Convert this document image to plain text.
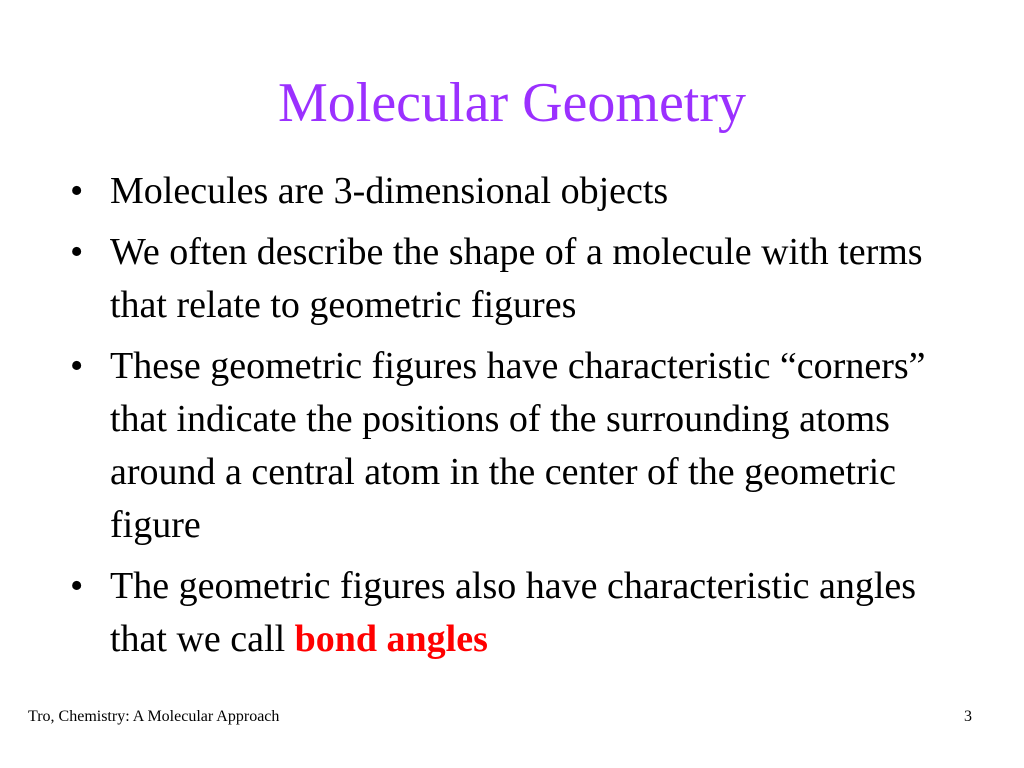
Molecular Geometry
• Molecules are 3-dimensional objects
• We often describe the shape of a molecule with terms that relate to geometric figures
• These geometric figures have characteristic “corners” that indicate the positions of the surrounding atoms around a central atom in the center of the geometric figure
• The geometric figures also have characteristic angles that we call bond angles
Tro, Chemistry: A Molecular Approach	3
